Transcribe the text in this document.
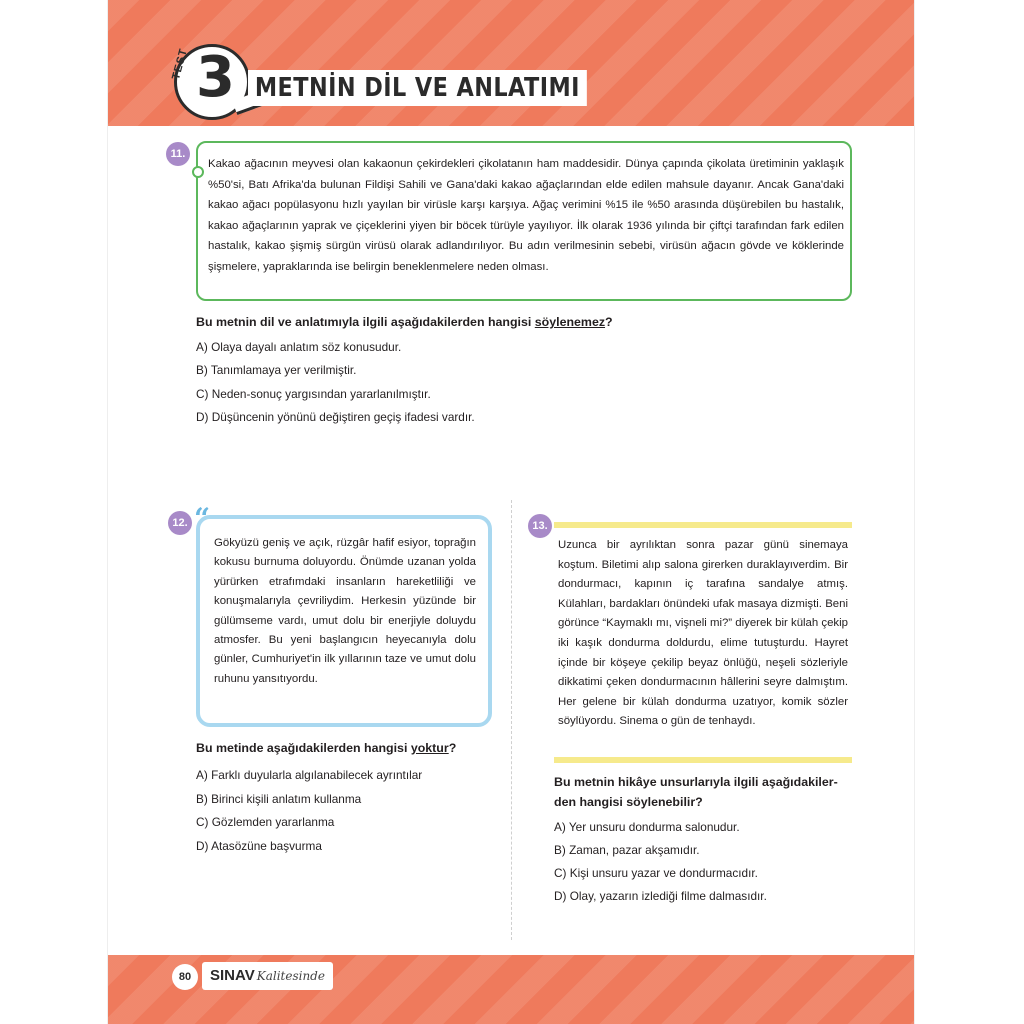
TEST 3 METNİN DİL VE ANLATIMI
11.
Kakao ağacının meyvesi olan kakaonun çekirdekleri çikolatanın ham maddesidir. Dünya çapında çikolata üretiminin yaklaşık %50'si, Batı Afrika'da bulunan Fildişi Sahili ve Gana'daki kakao ağaçlarından elde edilen mahsule dayanır. Ancak Gana'daki kakao ağacı popülasyonu hızlı yayılan bir virüsle karşı karşıya. Ağaç verimini %15 ile %50 arasında düşürebilen bu hastalık, kakao ağaçlarının yaprak ve çiçeklerini yiyen bir böcek türüyle yayılıyor. İlk olarak 1936 yılında bir çiftçi tarafından fark edilen hastalık, kakao şişmiş sürgün virüsü olarak adlandırılıyor. Bu adın verilmesinin sebebi, virüsün ağacın gövde ve köklerinde şişmelere, yapraklarında ise belirgin beneklenmelere neden olması.
Bu metnin dil ve anlatımıyla ilgili aşağıdakilerden hangisi söylenemez?
A) Olaya dayalı anlatım söz konusudur.
B) Tanımlamaya yer verilmiştir.
C) Neden-sonuç yargısından yararlanılmıştır.
D) Düşüncenin yönünü değiştiren geçiş ifadesi vardır.
12. “
Gökyüzü geniş ve açık, rüzgâr hafif esiyor, toprağın kokusu burnuma doluyordu. Önümde uzanan yolda yürürken etrafımdaki insanların hareketliliği ve konuşmalarıyla çevriliydim. Herkesin yüzünde bir gülümseme vardı, umut dolu bir enerjiyle doluydu atmosfer. Bu yeni başlangıcın heyecanıyla dolu günler, Cumhuriyet'in ilk yıllarının taze ve umut dolu ruhunu yansıtıyordu.
Bu metinde aşağıdakilerden hangisi yoktur?
A) Farklı duyularla algılanabilecek ayrıntılar
B) Birinci kişili anlatım kullanma
C) Gözlemden yararlanma
D) Atasözüne başvurma
13.
Uzunca bir ayrılıktan sonra pazar günü sinemaya koştum. Biletimi alıp salona girerken duraklayıverdim. Bir dondurmacı, kapının iç tarafına sandalye atmış. Külahları, bardakları önündeki ufak masaya dizmişti. Beni görünce “Kaymaklı mı, vişneli mi?” diyerek bir külah çekip iki kaşık dondurma doldurdu, elime tutuşturdu. Hayret içinde bir köşeye çekilip beyaz önlüğü, neşeli sözleriyle dikkatimi çeken dondurmacının hâllerini seyre dalmıştım. Her gelene bir külah dondurma uzatıyor, komik sözler söylüyordu. Sinema o gün de tenhaydı.
Bu metnin hikâye unsurlarıyla ilgili aşağıdakiler-
den hangisi söylenebilir?
A) Yer unsuru dondurma salonudur.
B) Zaman, pazar akşamıdır.
C) Kişi unsuru yazar ve dondurmacıdır.
D) Olay, yazarın izlediği filme dalmasıdır.
80	SINAV Kalitesinde
